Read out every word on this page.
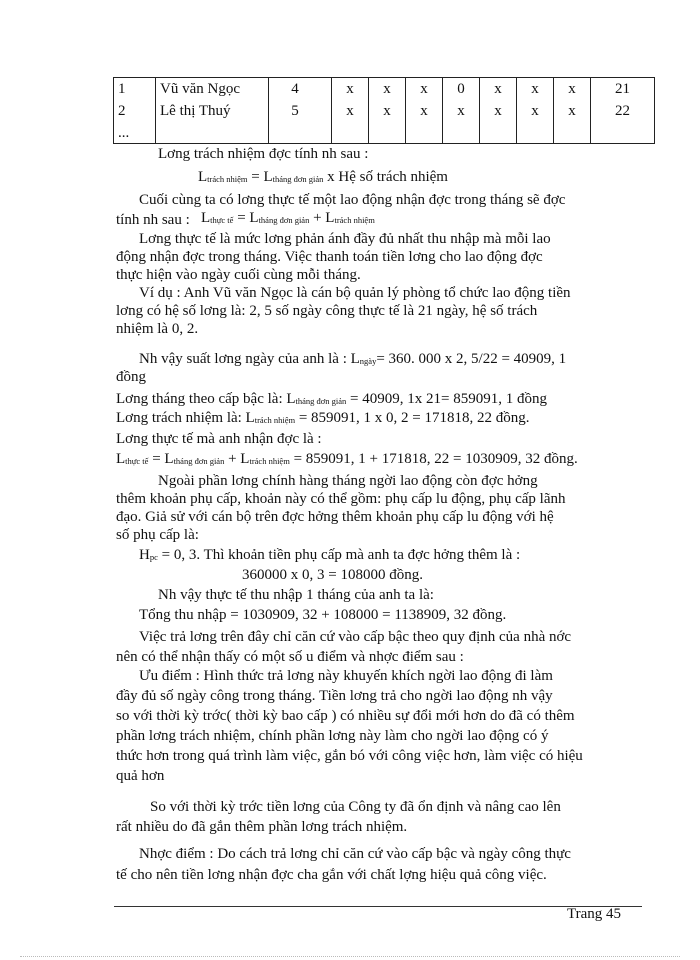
1	Vũ văn Ngọc	4	x	x	x	0	x	x	x	21
2	Lê thị Thuý	5	x	x	x	x	x	x	x	22
...										
Lơng trách nhiệm đợc tính nh sau :
Ltrách nhiệm = Ltháng đơn giản x Hệ số trách nhiệm
Cuối cùng ta có lơng thực tế một lao động nhận đợc trong tháng sẽ đợc
tính nh sau : Lthực tế = Ltháng đơn giản + Ltrách nhiệm
Lơng thực tế là mức lơng phản ánh đầy đủ nhất thu nhập mà mỗi lao
động nhận đợc trong tháng. Việc thanh toán tiền lơng cho lao động đợc
thực hiện vào ngày cuối cùng mỗi tháng.
Ví dụ : Anh Vũ văn Ngọc là cán bộ quản lý phòng tổ chức lao động tiền
lơng có hệ số lơng là: 2, 5 số ngày công thực tế là 21 ngày, hệ số trách
nhiệm là 0, 2.
Nh vậy suất lơng ngày của anh là : Lngày= 360. 000 x 2, 5/22 = 40909, 1
đồng
Lơng tháng theo cấp bậc là: Ltháng đơn giản = 40909, 1x 21= 859091, 1 đồng
Lơng trách nhiệm là: Ltrách nhiệm = 859091, 1 x 0, 2 = 171818, 22 đồng.
Lơng thực tế mà anh nhận đợc là :
Lthực tế = Ltháng đơn giản + Ltrách nhiệm = 859091, 1 + 171818, 22 = 1030909, 32 đồng.
Ngoài phần lơng chính hàng tháng ngời lao động còn đợc hởng
thêm khoản phụ cấp, khoản này có thể gồm: phụ cấp lu động, phụ cấp lãnh
đạo. Giả sử với cán bộ trên đợc hởng thêm khoản phụ cấp lu động với hệ
số phụ cấp là:
Hpc = 0, 3. Thì khoản tiền phụ cấp mà anh ta đợc hởng thêm là :
360000 x 0, 3 = 108000 đồng.
Nh vậy thực tế thu nhập 1 tháng của anh ta là:
Tổng thu nhập = 1030909, 32 + 108000 = 1138909, 32 đồng.
Việc trả lơng trên đây chỉ căn cứ vào cấp bậc theo quy định của nhà nớc
nên có thể nhận thấy có một số u điểm và nhợc điểm sau :
Ưu điểm : Hình thức trả lơng này khuyến khích ngời lao động đi làm
đầy đủ số ngày công trong tháng. Tiền lơng trả cho ngời lao động nh vậy
so với thời kỳ trớc( thời kỳ bao cấp ) có nhiều sự đổi mới hơn do đã có thêm
phần lơng trách nhiệm, chính phần lơng này làm cho ngời lao động có ý
thức hơn trong quá trình làm việc, gắn bó với công việc hơn, làm việc có hiệu
quả hơn
So với thời kỳ trớc tiền lơng của Công ty đã ổn định và nâng cao lên
rất nhiều do đã gắn thêm phần lơng trách nhiệm.
Trang 45
Nhợc điểm : Do cách trả lơng chỉ căn cứ vào cấp bậc và ngày công thực
tế cho nên tiền lơng nhận đợc cha gắn với chất lợng hiệu quả công việc.
